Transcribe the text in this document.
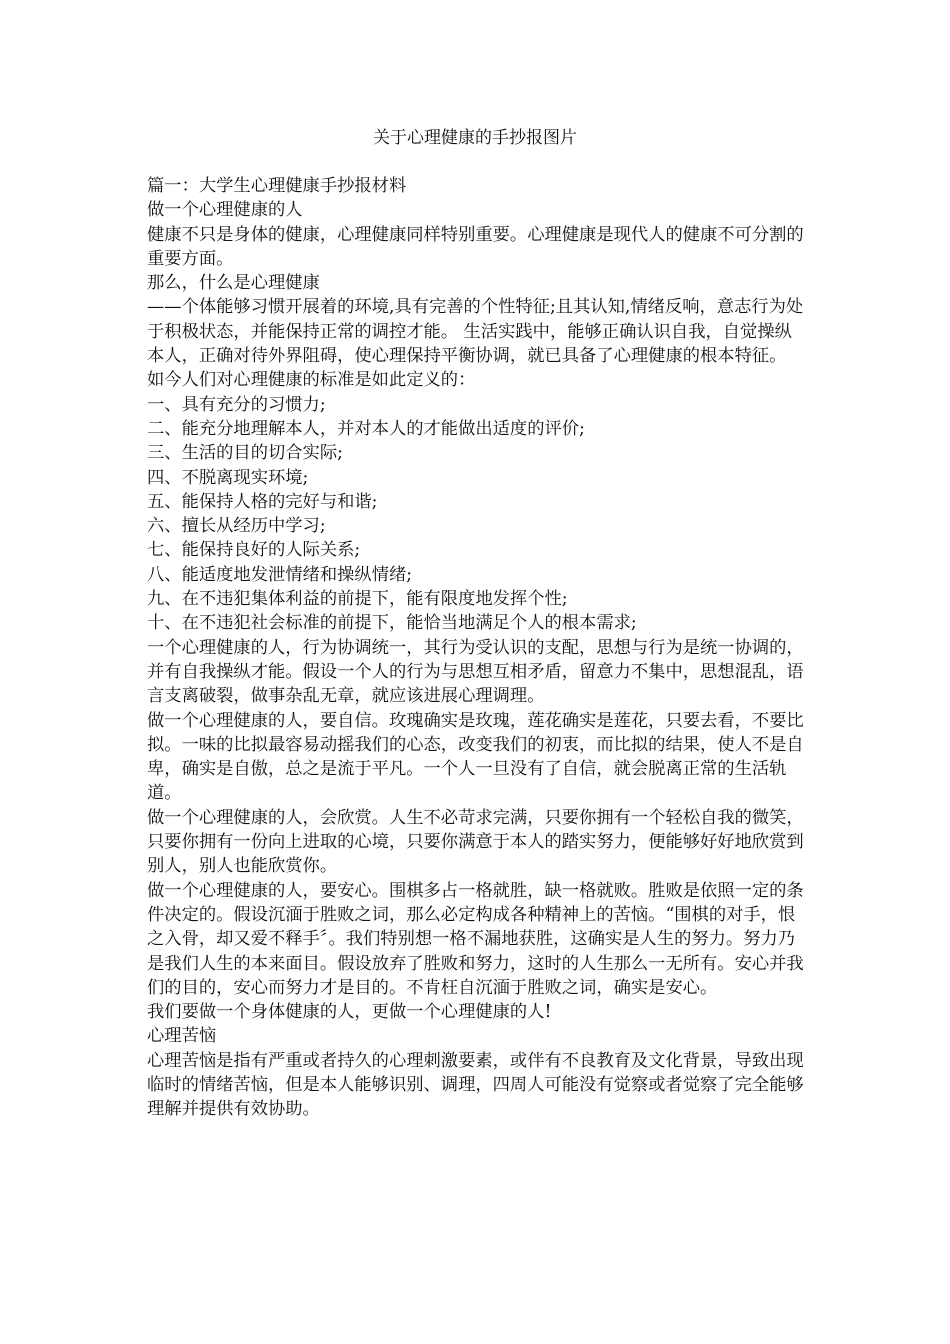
关于心理健康的手抄报图片

篇一：大学生心理健康手抄报材料

做一个心理健康的人

健康不只是身体的健康，心理健康同样特别重要。心理健康是现代人的健康不可分割的重要方面。

那么，什么是心理健康

——个体能够习惯开展着的环境,具有完善的个性特征;且其认知,情绪反响，意志行为处于积极状态，并能保持正常的调控才能。 生活实践中，能够正确认识自我，自觉操纵本人，正确对待外界阻碍，使心理保持平衡协调，就已具备了心理健康的根本特征。 如今人们对心理健康的标准是如此定义的：

一、具有充分的习惯力;

二、能充分地理解本人，并对本人的才能做出适度的评价;

三、生活的目的切合实际;

四、不脱离现实环境;

五、能保持人格的完好与和谐;

六、擅长从经历中学习;

七、能保持良好的人际关系;

八、能适度地发泄情绪和操纵情绪;

九、在不违犯集体利益的前提下，能有限度地发挥个性;

十、在不违犯社会标准的前提下，能恰当地满足个人的根本需求;

一个心理健康的人，行为协调统一，其行为受认识的支配，思想与行为是统一协调的，并有自我操纵才能。假设一个人的行为与思想互相矛盾，留意力不集中，思想混乱，语言支离破裂，做事杂乱无章，就应该进展心理调理。

做一个心理健康的人，要自信。玫瑰确实是玫瑰，莲花确实是莲花，只要去看，不要比拟。一味的比拟最容易动摇我们的心态，改变我们的初衷，而比拟的结果，使人不是自卑，确实是自傲，总之是流于平凡。一个人一旦没有了自信，就会脱离正常的生活轨道。

做一个心理健康的人，会欣赏。人生不必苛求完满，只要你拥有一个轻松自我的微笑，只要你拥有一份向上进取的心境，只要你满意于本人的踏实努力，便能够好好地欣赏到别人，别人也能欣赏你。

做一个心理健康的人，要安心。围棋多占一格就胜，缺一格就败。胜败是依照一定的条件决定的。假设沉湎于胜败之词，那么必定构成各种精神上的苦恼。“围棋的对手，恨之入骨，却又爱不释手〞。我们特别想一格不漏地获胜，这确实是人生的努力。努力乃是我们人生的本来面目。假设放弃了胜败和努力，这时的人生那么一无所有。安心并我们的目的，安心而努力才是目的。不肯枉自沉湎于胜败之词，确实是安心。

我们要做一个身体健康的人，更做一个心理健康的人!

心理苦恼

心理苦恼是指有严重或者持久的心理刺激要素，或伴有不良教育及文化背景，导致出现临时的情绪苦恼，但是本人能够识别、调理，四周人可能没有觉察或者觉察了完全能够理解并提供有效协助。
